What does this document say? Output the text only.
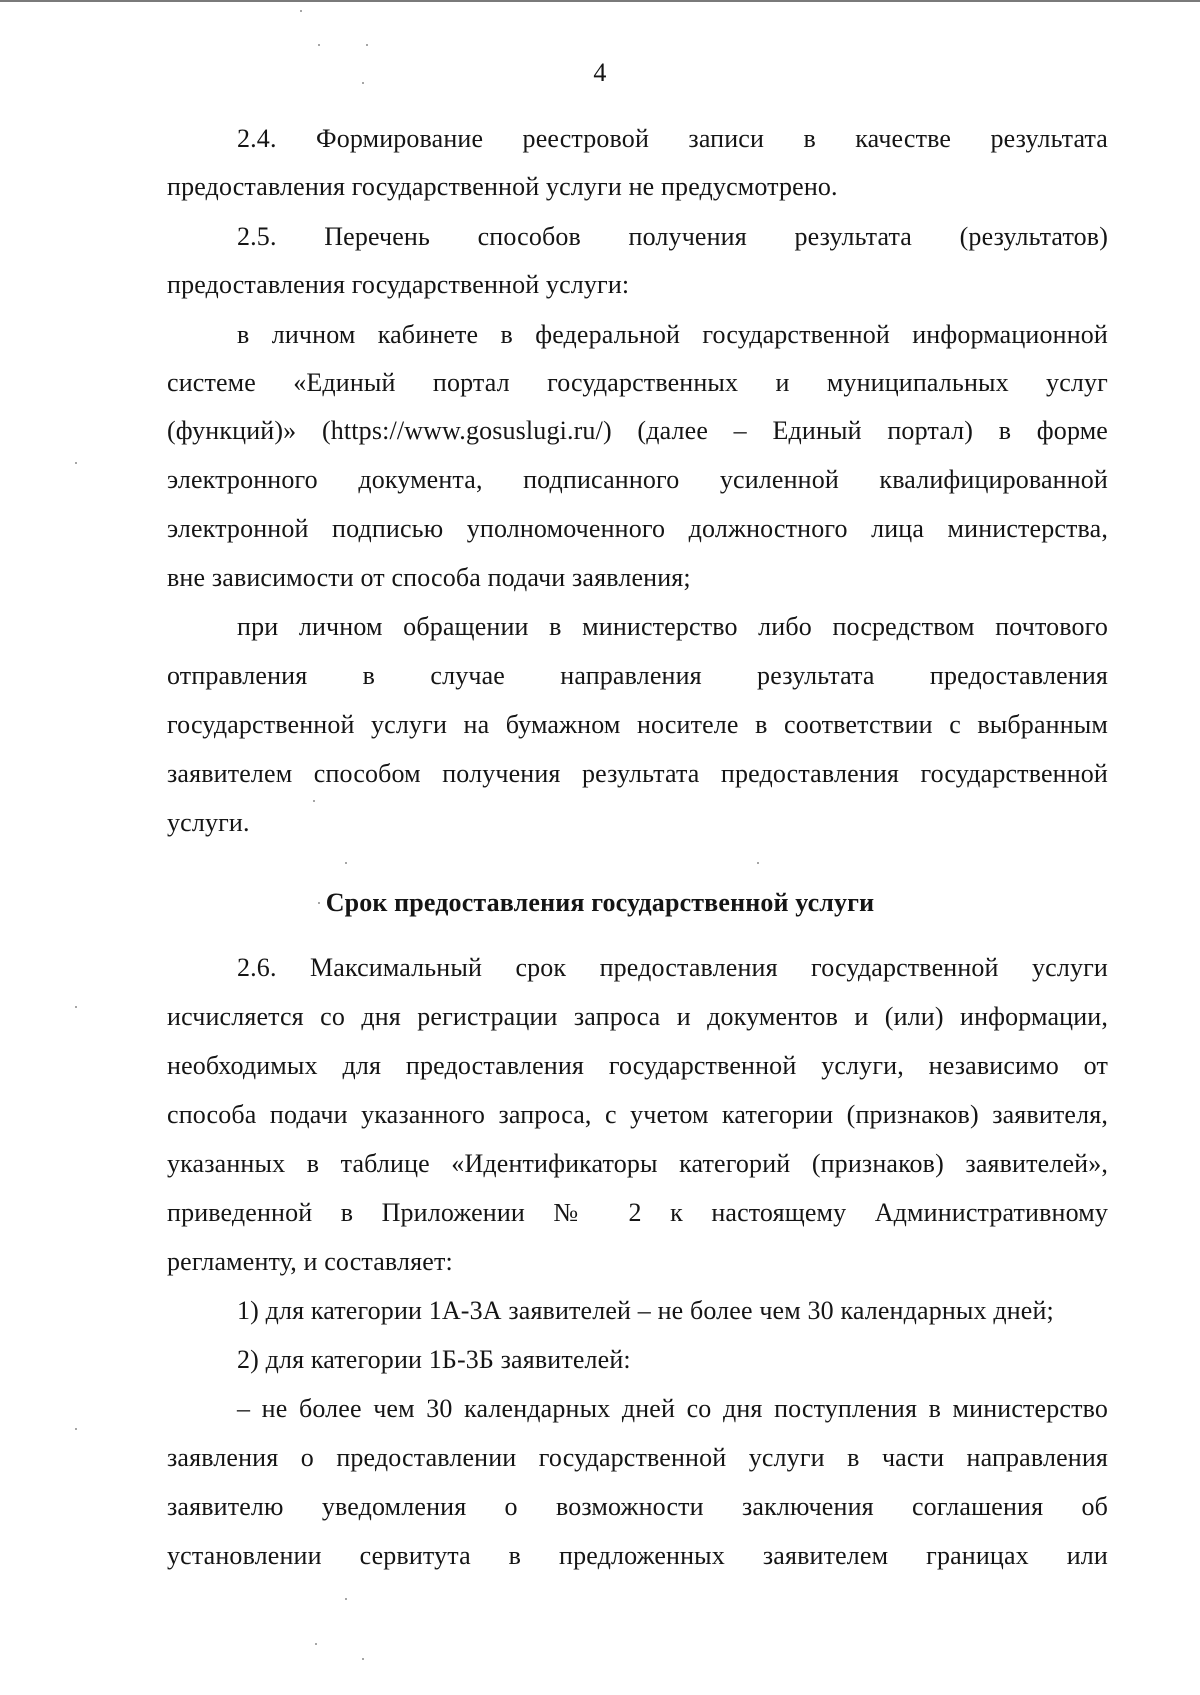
4
2.4. Формирование реестровой записи в качестве результата
предоставления государственной услуги не предусмотрено.
2.5. Перечень способов получения результата (результатов)
предоставления государственной услуги:
в личном кабинете в федеральной государственной информационной
системе «Единый портал государственных и муниципальных услуг
(функций)» (https://www.gosuslugi.ru/) (далее – Единый портал) в форме
электронного документа, подписанного усиленной квалифицированной
электронной подписью уполномоченного должностного лица министерства,
вне зависимости от способа подачи заявления;
при личном обращении в министерство либо посредством почтового
отправления в случае направления результата предоставления
государственной услуги на бумажном носителе в соответствии с выбранным
заявителем способом получения результата предоставления государственной
услуги.
Срок предоставления государственной услуги
2.6. Максимальный срок предоставления государственной услуги
исчисляется со дня регистрации запроса и документов и (или) информации,
необходимых для предоставления государственной услуги, независимо от
способа подачи указанного запроса, с учетом категории (признаков) заявителя,
указанных в таблице «Идентификаторы категорий (признаков) заявителей»,
приведенной в Приложении № 2 к настоящему Административному
регламенту, и составляет:
1) для категории 1А-3А заявителей – не более чем 30 календарных дней;
2) для категории 1Б-3Б заявителей:
– не более чем 30 календарных дней со дня поступления в министерство
заявления о предоставлении государственной услуги в части направления
заявителю уведомления о возможности заключения соглашения об
установлении сервитута в предложенных заявителем границах или
